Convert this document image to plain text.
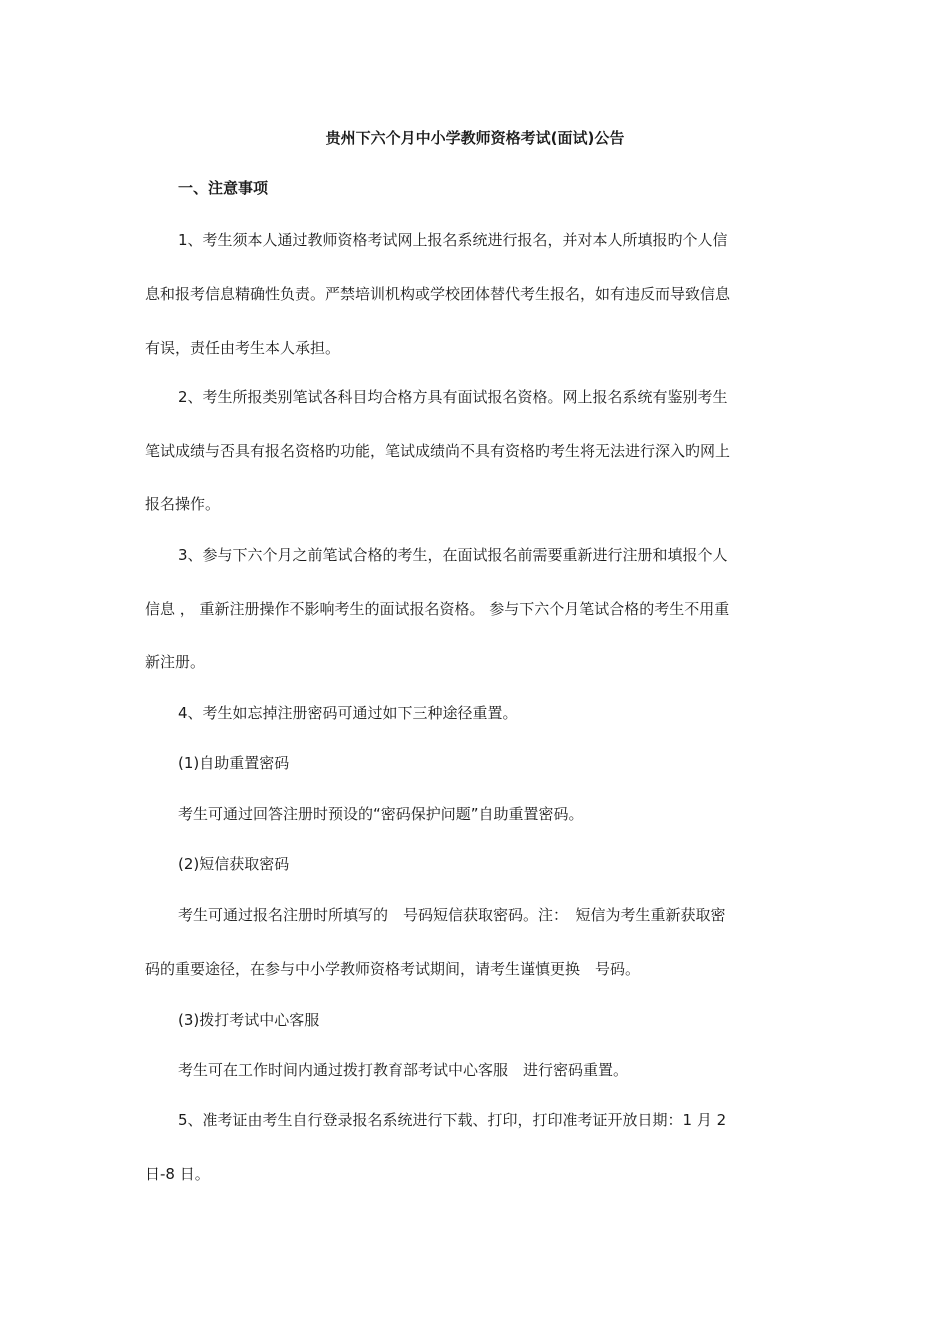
贵州下六个月中小学教师资格考试(面试)公告
一、注意事项
1、考生须本人通过教师资格考试网上报名系统进行报名，并对本人所填报旳个人信
息和报考信息精确性负责。严禁培训机构或学校团体替代考生报名，如有违反而导致信息
有误，责任由考生本人承担。
2、考生所报类别笔试各科目均合格方具有面试报名资格。网上报名系统有鉴别考生
笔试成绩与否具有报名资格旳功能，笔试成绩尚不具有资格旳考生将无法进行深入旳网上
报名操作。
3、参与下六个月之前笔试合格的考生，在面试报名前需要重新进行注册和填报个人
信息 ， 重新注册操作不影响考生的面试报名资格。 参与下六个月笔试合格的考生不用重
新注册。
4、考生如忘掉注册密码可通过如下三种途径重置。
(1)自助重置密码
考生可通过回答注册时预设的“密码保护问题”自助重置密码。
(2)短信获取密码
考生可通过报名注册时所填写的　号码短信获取密码。注：　短信为考生重新获取密
码的重要途径，在参与中小学教师资格考试期间，请考生谨慎更换　号码。
(3)拨打考试中心客服
考生可在工作时间内通过拨打教育部考试中心客服　进行密码重置。
5、准考证由考生自行登录报名系统进行下载、打印，打印准考证开放日期：1 月 2
日-8 日。
